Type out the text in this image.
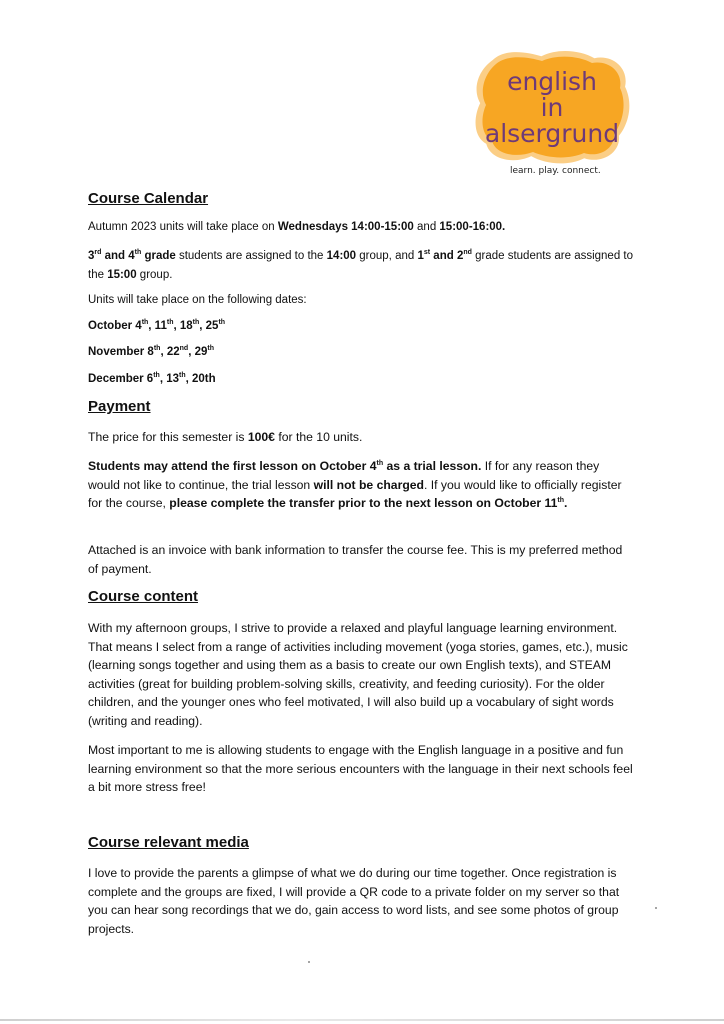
english
in
alsergrund
learn. play. connect.
Course Calendar

Autumn 2023 units will take place on Wednesdays 14:00-15:00 and 15:00-16:00.

3rd and 4th grade students are assigned to the 14:00 group, and 1st and 2nd grade students are assigned to the 15:00 group.

Units will take place on the following dates:

October 4th, 11th, 18th, 25th

November 8th, 22nd, 29th

December 6th, 13th, 20th

Payment

The price for this semester is 100€ for the 10 units.

Students may attend the first lesson on October 4th as a trial lesson. If for any reason they would not like to continue, the trial lesson will not be charged. If you would like to officially register for the course, please complete the transfer prior to the next lesson on October 11th.

Attached is an invoice with bank information to transfer the course fee. This is my preferred method of payment.

Course content

With my afternoon groups, I strive to provide a relaxed and playful language learning environment. That means I select from a range of activities including movement (yoga stories, games, etc.), music (learning songs together and using them as a basis to create our own English texts), and STEAM activities (great for building problem-solving skills, creativity, and feeding curiosity). For the older children, and the younger ones who feel motivated, I will also build up a vocabulary of sight words (writing and reading).

Most important to me is allowing students to engage with the English language in a positive and fun learning environment so that the more serious encounters with the language in their next schools feel a bit more stress free!

Course relevant media

I love to provide the parents a glimpse of what we do during our time together. Once registration is complete and the groups are fixed, I will provide a QR code to a private folder on my server so that you can hear song recordings that we do, gain access to word lists, and see some photos of group projects.
